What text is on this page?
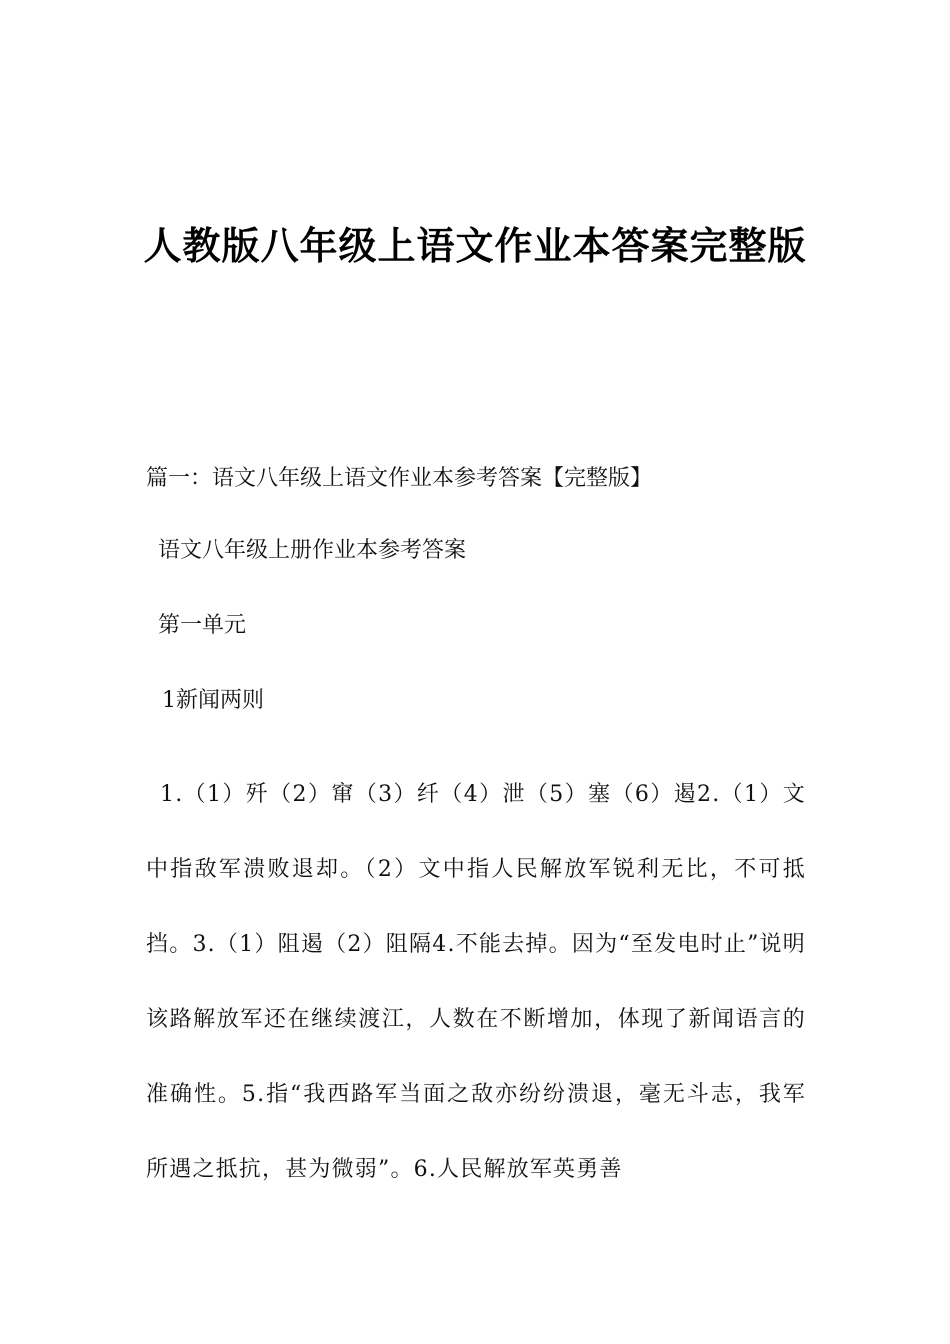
人教版八年级上语文作业本答案完整版

篇一：语文八年级上语文作业本参考答案【完整版】

语文八年级上册作业本参考答案

第一单元

1新闻两则

1.（1）歼（2）窜（3）纤（4）泄（5）塞（6）遏2.（1）文中指敌军溃败退却。（2）文中指人民解放军锐利无比，不可抵挡。3.（1）阻遏（2）阻隔4.不能去掉。因为“至发电时止”说明该路解放军还在继续渡江，人数在不断增加，体现了新闻语言的准确性。5.指“我西路军当面之敌亦纷纷溃退，毫无斗志，我军所遇之抵抗，甚为微弱”。6.人民解放军英勇善
